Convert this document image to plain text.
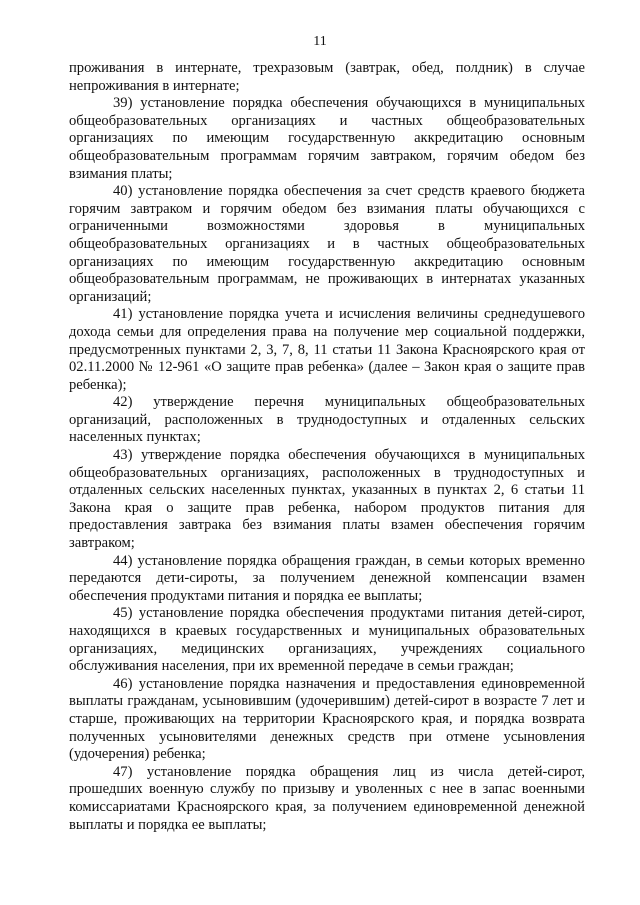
11

проживания в интернате, трехразовым (завтрак, обед, полдник) в случае непроживания в интернате;

39) установление порядка обеспечения обучающихся в муниципальных общеобразовательных организациях и частных общеобразовательных организациях по имеющим государственную аккредитацию основным общеобразовательным программам горячим завтраком, горячим обедом без взимания платы;

40) установление порядка обеспечения за счет средств краевого бюджета горячим завтраком и горячим обедом без взимания платы обучающихся с ограниченными возможностями здоровья в муниципальных общеобразовательных организациях и в частных общеобразовательных организациях по имеющим государственную аккредитацию основным общеобразовательным программам, не проживающих в интернатах указанных организаций;

41) установление порядка учета и исчисления величины среднедушевого дохода семьи для определения права на получение мер социальной поддержки, предусмотренных пунктами 2, 3, 7, 8, 11 статьи 11 Закона Красноярского края от 02.11.2000 № 12-961 «О защите прав ребенка» (далее – Закон края о защите прав ребенка);

42) утверждение перечня муниципальных общеобразовательных организаций, расположенных в труднодоступных и отдаленных сельских населенных пунктах;

43) утверждение порядка обеспечения обучающихся в муниципальных общеобразовательных организациях, расположенных в труднодоступных и отдаленных сельских населенных пунктах, указанных в пунктах 2, 6 статьи 11 Закона края о защите прав ребенка, набором продуктов питания для предоставления завтрака без взимания платы взамен обеспечения горячим завтраком;

44) установление порядка обращения граждан, в семьи которых временно передаются дети-сироты, за получением денежной компенсации взамен обеспечения продуктами питания и порядка ее выплаты;

45) установление порядка обеспечения продуктами питания детей-сирот, находящихся в краевых государственных и муниципальных образовательных организациях, медицинских организациях, учреждениях социального обслуживания населения, при их временной передаче в семьи граждан;

46) установление порядка назначения и предоставления единовременной выплаты гражданам, усыновившим (удочерившим) детей-сирот в возрасте 7 лет и старше, проживающих на территории Красноярского края, и порядка возврата полученных усыновителями денежных средств при отмене усыновления (удочерения) ребенка;

47) установление порядка обращения лиц из числа детей-сирот, прошедших военную службу по призыву и уволенных с нее в запас военными комиссариатами Красноярского края, за получением единовременной денежной выплаты и порядка ее выплаты;
